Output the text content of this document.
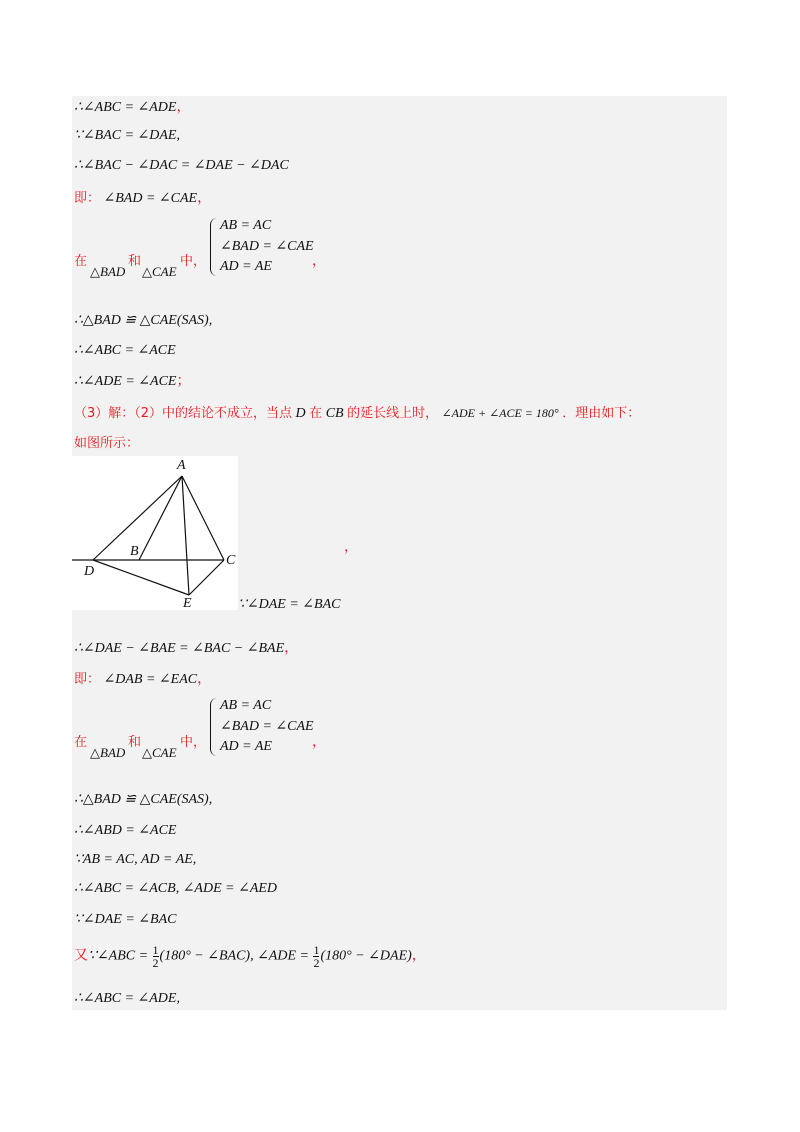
∴∠ABC = ∠ADE，
∵∠BAC = ∠DAE,
∴∠BAC − ∠DAC = ∠DAE − ∠DAC
即： ∠BAD = ∠CAE，
在
△BAD
和
△CAE
中，
AB = AC
∠BAD = ∠CAE
AD = AE	，
∴△BAD ≌ △CAE(SAS),
∴∠ABC = ∠ACE
∴∠ADE = ∠ACE；
（3）解：（2）中的结论不成立，当点 D 在 CB 的延长线上时， ∠ADE + ∠ACE = 180° ．理由如下：
如图所示：
A
B
C
D
E
，
∵∠DAE = ∠BAC
∴∠DAE − ∠BAE = ∠BAC − ∠BAE，
即： ∠DAB = ∠EAC，
在
△BAD
和
△CAE
中，
AB = AC
∠BAD = ∠CAE
AD = AE	，
∴△BAD ≌ △CAE(SAS),
∴∠ABD = ∠ACE
∵AB = AC, AD = AE,
∴∠ABC = ∠ACB, ∠ADE = ∠AED
∵∠DAE = ∠BAC
又∵∠ABC = $\frac{1}{2} (180^\circ$ − ∠BAC), ∠ADE = $\frac{1}{2} (180^\circ$ − ∠DAE)，
∴∠ABC = ∠ADE,
